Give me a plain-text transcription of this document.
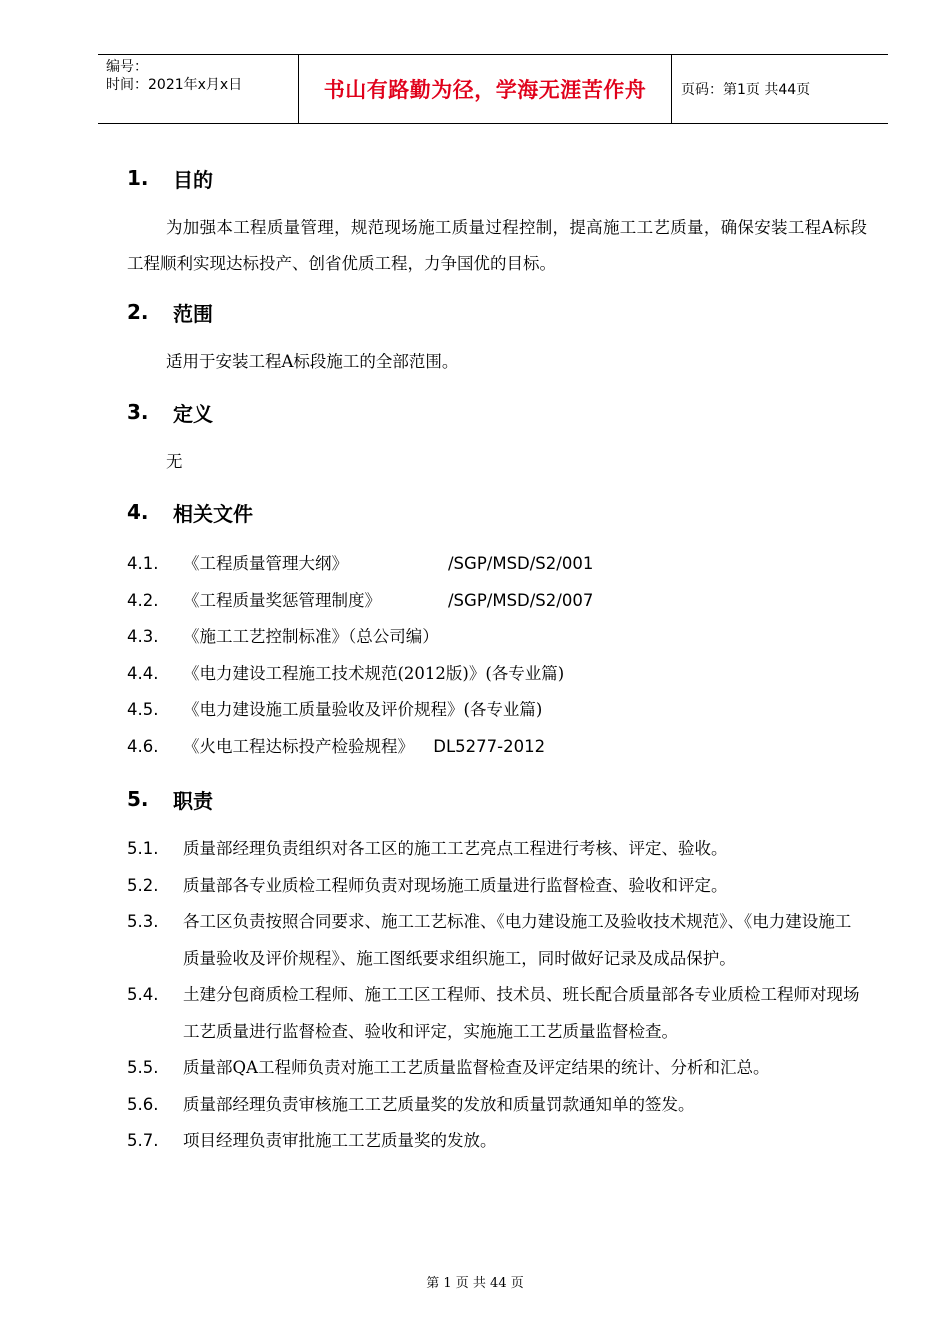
编号：
时间：2021年x月x日	书山有路勤为径，学海无涯苦作舟 页码：第1页 共44页
1.	目的
为加强本工程质量管理，规范现场施工质量过程控制，提高施工工艺质量，确保安装工程A标段工程顺利实现达标投产、创省优质工程，力争国优的目标。
2.	范围
适用于安装工程A标段施工的全部范围。
3.	定义
无
4.	相关文件
4.1.	《工程质量管理大纲》	/SGP/MSD/S2/001
4.2.	《工程质量奖惩管理制度》	/SGP/MSD/S2/007
4.3.	《施工工艺控制标准》（总公司编）
4.4.	《电力建设工程施工技术规范(2012版)》(各专业篇)
4.5.	《电力建设施工质量验收及评价规程》(各专业篇)
4.6.	《火电工程达标投产检验规程》 DL5277-2012
5.	职责
5.1.	质量部经理负责组织对各工区的施工工艺亮点工程进行考核、评定、验收。
5.2.	质量部各专业质检工程师负责对现场施工质量进行监督检查、验收和评定。
5.3.	各工区负责按照合同要求、施工工艺标准、《电力建设施工及验收技术规范》、《电力建设施工质量验收及评价规程》、施工图纸要求组织施工，同时做好记录及成品保护。
5.4.	土建分包商质检工程师、施工工区工程师、技术员、班长配合质量部各专业质检工程师对现场工艺质量进行监督检查、验收和评定，实施施工工艺质量监督检查。
5.5.	质量部QA工程师负责对施工工艺质量监督检查及评定结果的统计、分析和汇总。
5.6.	质量部经理负责审核施工工艺质量奖的发放和质量罚款通知单的签发。
5.7.	项目经理负责审批施工工艺质量奖的发放。
第 1 页 共 44 页
